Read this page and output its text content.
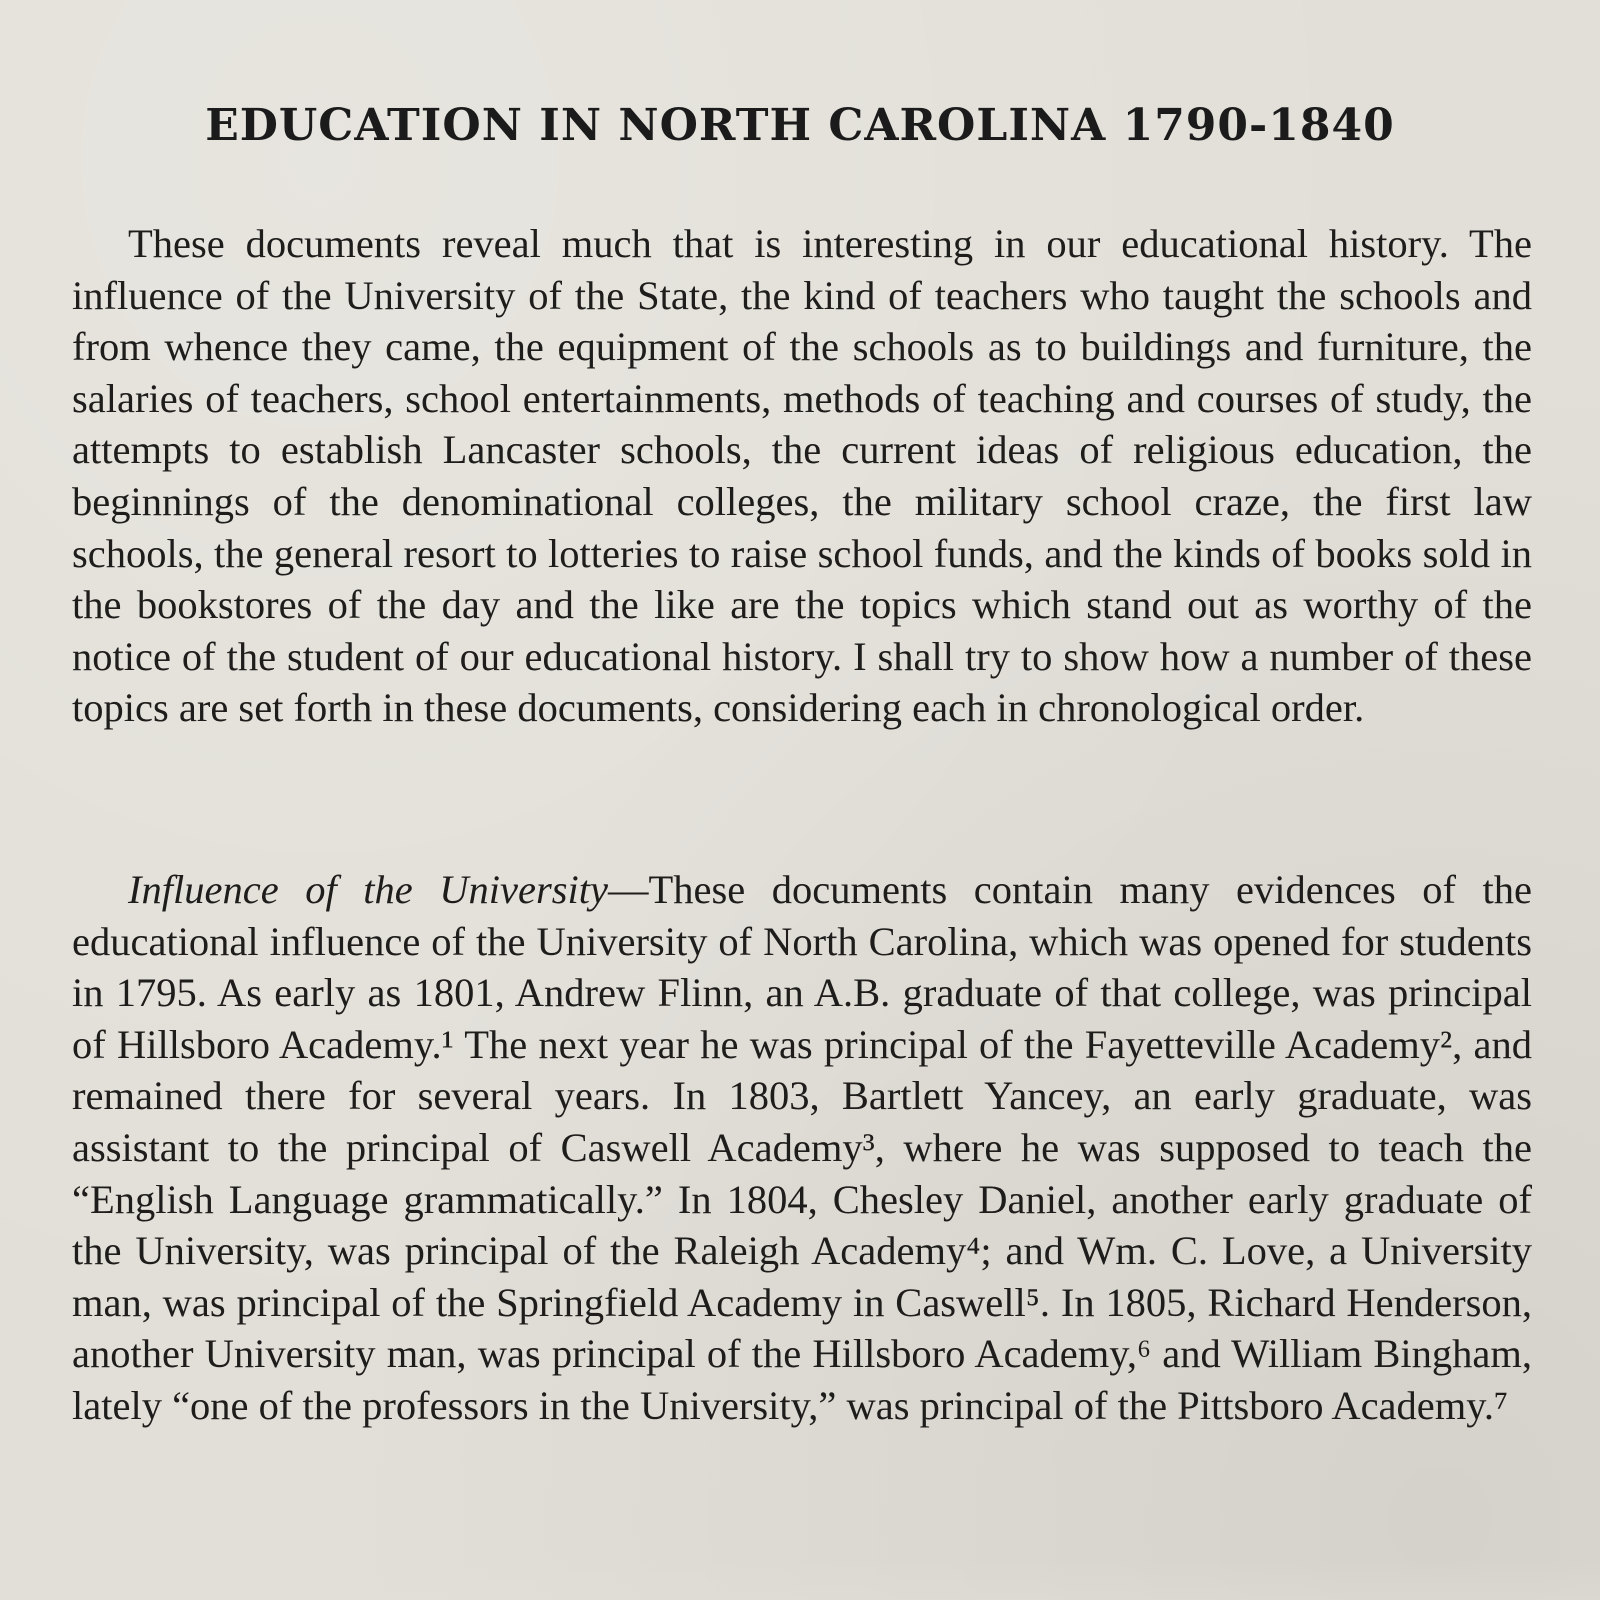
EDUCATION IN NORTH CAROLINA 1790-1840

These documents reveal much that is interesting in our educational history. The influence of the University of the State, the kind of teachers who taught the schools and from whence they came, the equipment of the schools as to buildings and furniture, the salaries of teachers, school entertainments, methods of teaching and courses of study, the attempts to establish Lancaster schools, the current ideas of religious education, the beginnings of the denominational colleges, the military school craze, the first law schools, the general resort to lotteries to raise school funds, and the kinds of books sold in the bookstores of the day and the like are the topics which stand out as worthy of the notice of the student of our educational history. I shall try to show how a number of these topics are set forth in these documents, considering each in chronological order.

Influence of the University—These documents contain many evidences of the educational influence of the University of North Carolina, which was opened for students in 1795. As early as 1801, Andrew Flinn, an A.B. graduate of that college, was principal of Hillsboro Academy.¹ The next year he was principal of the Fayetteville Academy², and remained there for several years. In 1803, Bartlett Yancey, an early graduate, was assistant to the principal of Caswell Academy³, where he was supposed to teach the “English Language grammatically.” In 1804, Chesley Daniel, another early graduate of the University, was principal of the Raleigh Academy⁴; and Wm. C. Love, a University man, was principal of the Springfield Academy in Caswell⁵. In 1805, Richard Henderson, another University man, was principal of the Hillsboro Academy,⁶ and William Bingham, lately “one of the professors in the University,” was principal of the Pittsboro Academy.⁷
